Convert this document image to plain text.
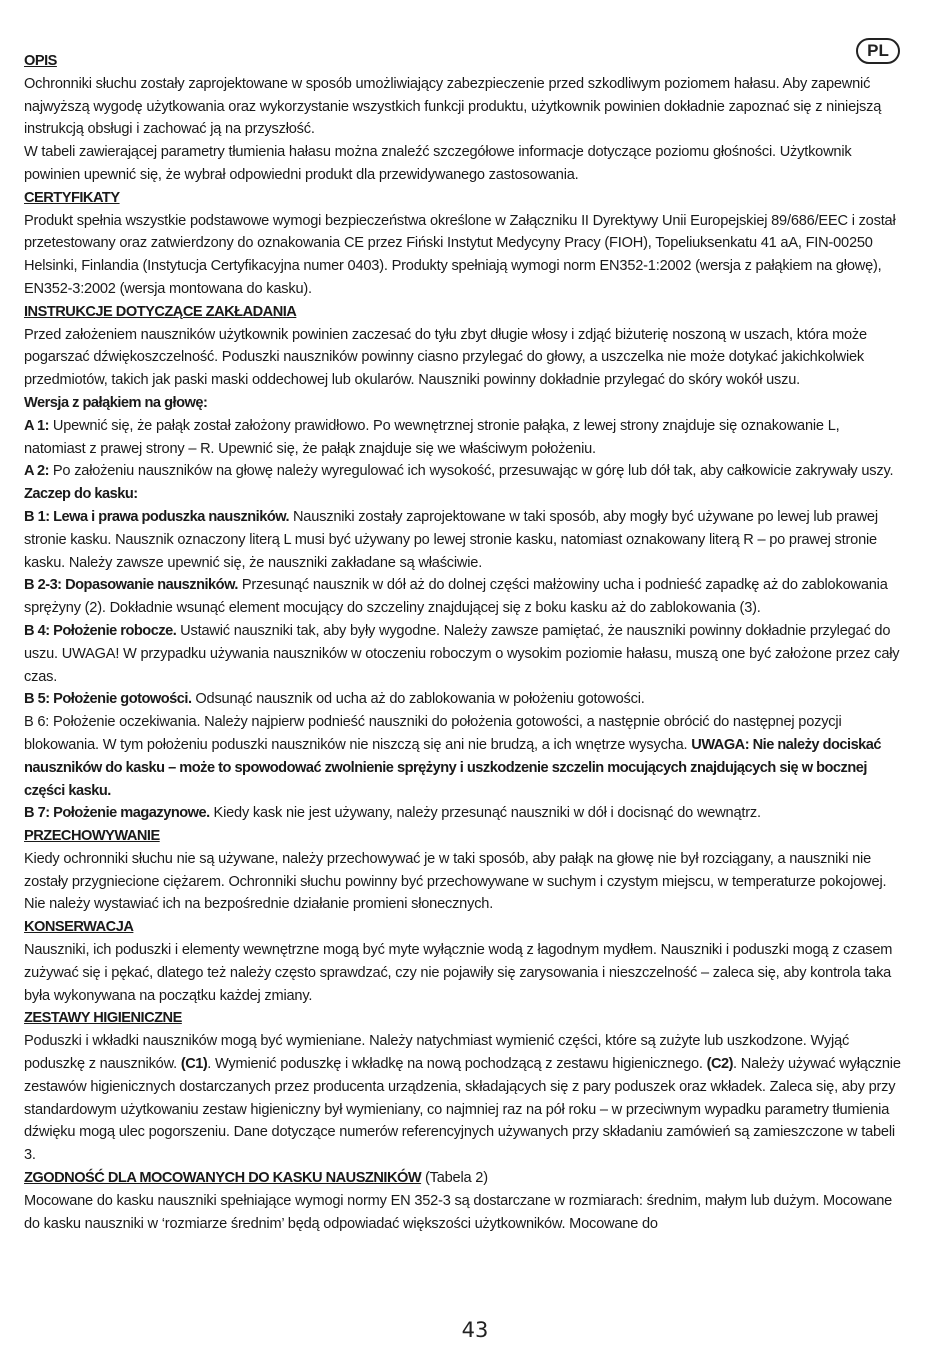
PL
OPIS

Ochronniki słuchu zostały zaprojektowane w sposób umożliwiający zabezpieczenie przed szkodliwym poziomem hałasu. Aby zapewnić najwyższą wygodę użytkowania oraz wykorzystanie wszystkich funkcji produktu, użytkownik powinien dokładnie zapoznać się z niniejszą instrukcją obsługi i zachować ją na przyszłość.

W tabeli zawierającej parametry tłumienia hałasu można znaleźć szczegółowe informacje dotyczące poziomu głośności. Użytkownik powinien upewnić się, że wybrał odpowiedni produkt dla przewidywanego zastosowania.

CERTYFIKATY

Produkt spełnia wszystkie podstawowe wymogi bezpieczeństwa określone w Załączniku II Dyrektywy Unii Europejskiej 89/686/EEC i został przetestowany oraz zatwierdzony do oznakowania CE przez Fiński Instytut Medycyny Pracy (FIOH), Topeliuksenkatu 41 aA, FIN-00250 Helsinki, Finlandia (Instytucja Certyfikacyjna numer 0403). Produkty spełniają wymogi norm EN352-1:2002 (wersja z pałąkiem na głowę), EN352-3:2002 (wersja montowana do kasku).

INSTRUKCJE DOTYCZĄCE ZAKŁADANIA

Przed założeniem nauszników użytkownik powinien zaczesać do tyłu zbyt długie włosy i zdjąć biżuterię noszoną w uszach, która może pogarszać dźwiękoszczelność. Poduszki nauszników powinny ciasno przylegać do głowy, a uszczelka nie może dotykać jakichkolwiek przedmiotów, takich jak paski maski oddechowej lub okularów. Nauszniki powinny dokładnie przylegać do skóry wokół uszu.

Wersja z pałąkiem na głowę:

A 1: Upewnić się, że pałąk został założony prawidłowo. Po wewnętrznej stronie pałąka, z lewej strony znajduje się oznakowanie L, natomiast z prawej strony – R. Upewnić się, że pałąk znajduje się we właściwym położeniu.

A 2: Po założeniu nauszników na głowę należy wyregulować ich wysokość, przesuwając w górę lub dół tak, aby całkowicie zakrywały uszy.

Zaczep do kasku:

B 1: Lewa i prawa poduszka nauszników. Nauszniki zostały zaprojektowane w taki sposób, aby mogły być używane po lewej lub prawej stronie kasku. Nausznik oznaczony literą L musi być używany po lewej stronie kasku, natomiast oznakowany literą R – po prawej stronie kasku. Należy zawsze upewnić się, że nauszniki zakładane są właściwie.

B 2-3: Dopasowanie nauszników. Przesunąć nausznik w dół aż do dolnej części małżowiny ucha i podnieść zapadkę aż do zablokowania sprężyny (2). Dokładnie wsunąć element mocujący do szczeliny znajdującej się z boku kasku aż do zablokowania (3).

B 4: Położenie robocze. Ustawić nauszniki tak, aby były wygodne. Należy zawsze pamiętać, że nauszniki powinny dokładnie przylegać do uszu. UWAGA! W przypadku używania nauszników w otoczeniu roboczym o wysokim poziomie hałasu, muszą one być założone przez cały czas.

B 5: Położenie gotowości. Odsunąć nausznik od ucha aż do zablokowania w położeniu gotowości.

B 6: Położenie oczekiwania. Należy najpierw podnieść nauszniki do położenia gotowości, a następnie obrócić do następnej pozycji blokowania. W tym położeniu poduszki nauszników nie niszczą się ani nie brudzą, a ich wnętrze wysycha. UWAGA: Nie należy dociskać nauszników do kasku – może to spowodować zwolnienie sprężyny i uszkodzenie szczelin mocujących znajdujących się w bocznej części kasku.

B 7: Położenie magazynowe. Kiedy kask nie jest używany, należy przesunąć nauszniki w dół i docisnąć do wewnątrz.

PRZECHOWYWANIE

Kiedy ochronniki słuchu nie są używane, należy przechowywać je w taki sposób, aby pałąk na głowę nie był rozciągany, a nauszniki nie zostały przygniecione ciężarem. Ochronniki słuchu powinny być przechowywane w suchym i czystym miejscu, w temperaturze pokojowej. Nie należy wystawiać ich na bezpośrednie działanie promieni słonecznych.

KONSERWACJA

Nauszniki, ich poduszki i elementy wewnętrzne mogą być myte wyłącznie wodą z łagodnym mydłem. Nauszniki i poduszki mogą z czasem zużywać się i pękać, dlatego też należy często sprawdzać, czy nie pojawiły się zarysowania i nieszczelność – zaleca się, aby kontrola taka była wykonywana na początku każdej zmiany.

ZESTAWY HIGIENICZNE

Poduszki i wkładki nauszników mogą być wymieniane. Należy natychmiast wymienić części, które są zużyte lub uszkodzone. Wyjąć poduszkę z nauszników. (C1). Wymienić poduszkę i wkładkę na nową pochodzącą z zestawu higienicznego. (C2). Należy używać wyłącznie zestawów higienicznych dostarczanych przez producenta urządzenia, składających się z pary poduszek oraz wkładek. Zaleca się, aby przy standardowym użytkowaniu zestaw higieniczny był wymieniany, co najmniej raz na pół roku – w przeciwnym wypadku parametry tłumienia dźwięku mogą ulec pogorszeniu. Dane dotyczące numerów referencyjnych używanych przy składaniu zamówień są zamieszczone w tabeli 3.

ZGODNOŚĆ DLA MOCOWANYCH DO KASKU NAUSZNIKÓW (Tabela 2)

Mocowane do kasku nauszniki spełniające wymogi normy EN 352-3 są dostarczane w rozmiarach: średnim, małym lub dużym. Mocowane do kasku nauszniki w ‘rozmiarze średnim’ będą odpowiadać większości użytkowników. Mocowane do

43
